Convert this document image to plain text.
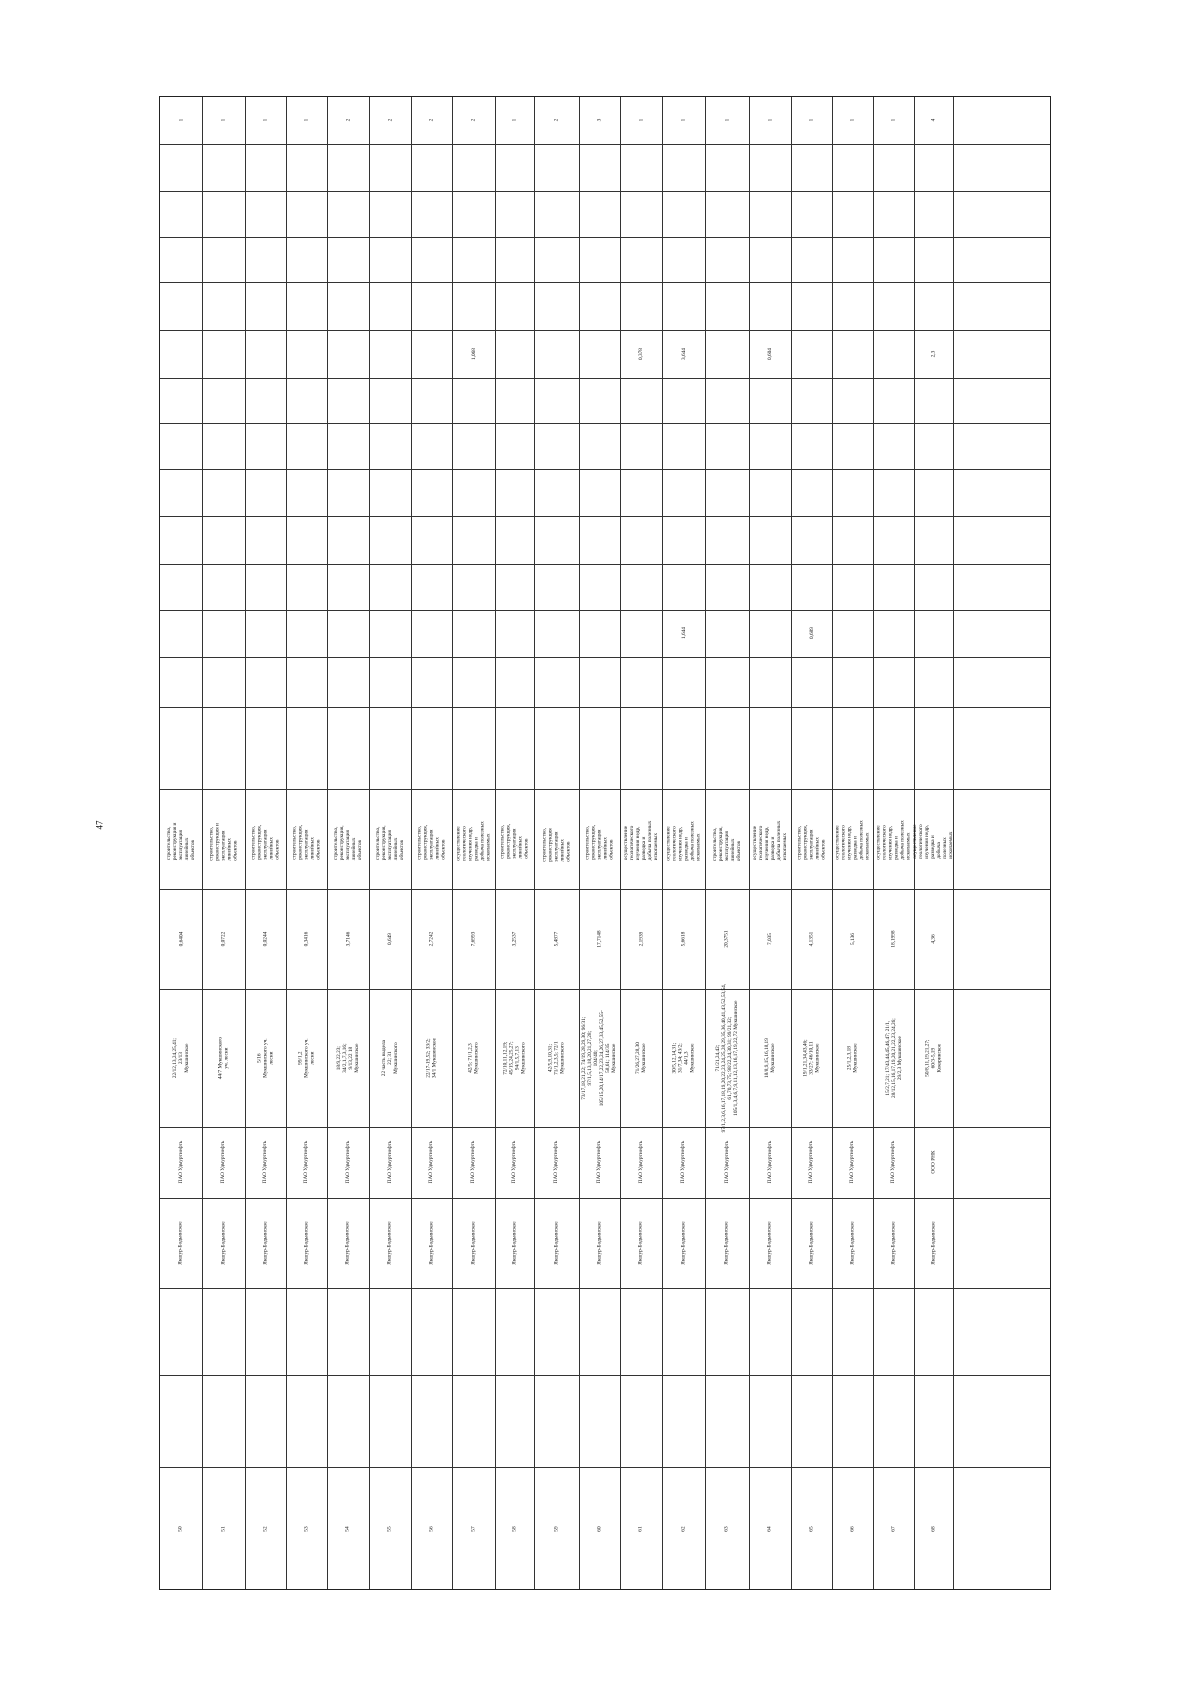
47
1
строительство, реконструкция и
эксплуатация линейных
объектов
0,6404
22/12,13,24,25,41; 23/13 Мукшинское
ПАО Удмуртнефть
Якшур-Бодьинское
50
1
строительство, реконструкция и
эксплуатация линейных
объектов
0,0722
44/7 Мукшинского уч. лесни
ПАО Удмуртнефть
Якшур-Бодьинское
51
1
строительство, реконструкция,
эксплуатация линейных
объектов
0,0244
5/16 Мукшинского уч. лесни
ПАО Удмуртнефть
Якшур-Бодьинское
52
1
строительство, реконструкция,
эксплуатация линейных
объектов
0,3416
99/1,2 Мукшинского уч. лесни
ПАО Удмуртнефть
Якшур-Бодьинское
53
2
строительство, реконструкция,
эксплуатация линейных
объектов
3,7146
18/9,22,23; 34/2,1,7,3,16; 9/13,22 18 Мукшинское
ПАО Удмуртнефть
Якшур-Бодьинское
54
2
строительство, реконструкция,
эксплуатация линейных
объектов
0,649
22 часть выдела 22; 31 Мукшинского
ПАО Удмуртнефть
Якшур-Бодьинское
55
2
строительство, реконструкция,
эксплуатация линейных
объектов
2,7242
22/17-19,52; 33/2; 34/1 Мукшинское
ПАО Удмуртнефть
Якшур-Бодьинское
56
2
1,068
осуществление геологического
изучения недр, разведка и
добыча полезных ископаемых
7,6993
42/5; 71/1,2,3 Мукшинского
ПАО Удмуртнефть
Якшур-Бодьинское
57
1
строительство, реконструкция,
эксплуатация линейных
объектов
3,2537
72/10,11,12,19; 45/15,24,25,27; 94/1,5,7,13 Мукшинского
ПАО Удмуртнефть
Якшур-Бодьинское
58
2
строительство, реконструкция
эксплуатация линейных
объектов
5,4877
42/5,9,10,31; 71/1,2,3,5; 72/1 Мукшинского
ПАО Удмуртнефть
Якшур-Бодьинское
59
3
строительство, реконструкция,
эксплуатация линейных
объектов
17,7148
73/17,18,21,22; 74/19,28,29,30; 96/31; 97/1,5,13,18,20,21,27,28;
104/40; 105/15,20,14/17,22,23,24,26,27,33,45,52,55-58,61; 114/35
Мукшинское
ПАО Удмуртнефть
Якшур-Бодьинское
60
1
0,378
осуществление геологического
изучения недр, разведка и
добыча полезных ископаемых
2,1939
71/26,27,28,30 Мукшинское
ПАО Удмуртнефть
Якшур-Бодьинское
61
1
3,644
1,644
осуществление геологического
изучения недр, разведка и
добыча полезных ископаемых
5,6618
30/5,12,14,31; 31/7,34; 43/2; 44/1,3 Мукшинское
ПАО Удмуртнефть
Якшур-Бодьинское
62
1
строительство, реконструкция,
эксплуатация линейных
объектов
20,3751
71/21,24,42;
97/1,2,3,6,16,17,18,19,20,22,23,24,25,28,29,35,36,40,41,43,52,53,54,
61,70,73,75; 98/22,24,30,31; 99/21,32;
105/1,3,4,6,7,9,11,12,13,16,17,19,22,72 Мукшинское
ПАО Удмуртнефть
Якшур-Бодьинское
63
1
0,604
осуществление геологического
изучения недр, разведка и
добыча полезных ископаемых
7,035
18/8,9,15,16,18,19 Мукшинское
ПАО Удмуртнефть
Якшур-Бодьинское
64
1
0,689
строительство, реконструкция,
эксплуатация линейных
объектов
4,1351
19/1,21,34,43,46; 33/27; 46/10,11 Мукшинское
ПАО Удмуртнефть
Якшур-Бодьинское
65
1
осуществление геологического
изучения недр, разведка и
добыча полезных ископаемых
5,136
25/1,2,3,18 Мукшинское
ПАО Удмуртнефть
Якшур-Бодьинское
66
1
осуществление геологического
изучения недр, разведка и
добыча полезных ископаемых
18,1998
15/2,7,21; 17/43,44,45,46,47; 21/1,
28/12,15,16,17,19,20,21,22,23,24,26; 29/2,3 Мукшинское
ПАО Удмуртнефть
Якшур-Бодьинское
67
4
2,3
осуществление геологического
изучения недр, разведка и
добыча полезных ископаемых
4,36
50/8,11,19,21,27; 60/3-5,19 Кекоринское
ООО РНК
Якшур-Бодьинское
68
